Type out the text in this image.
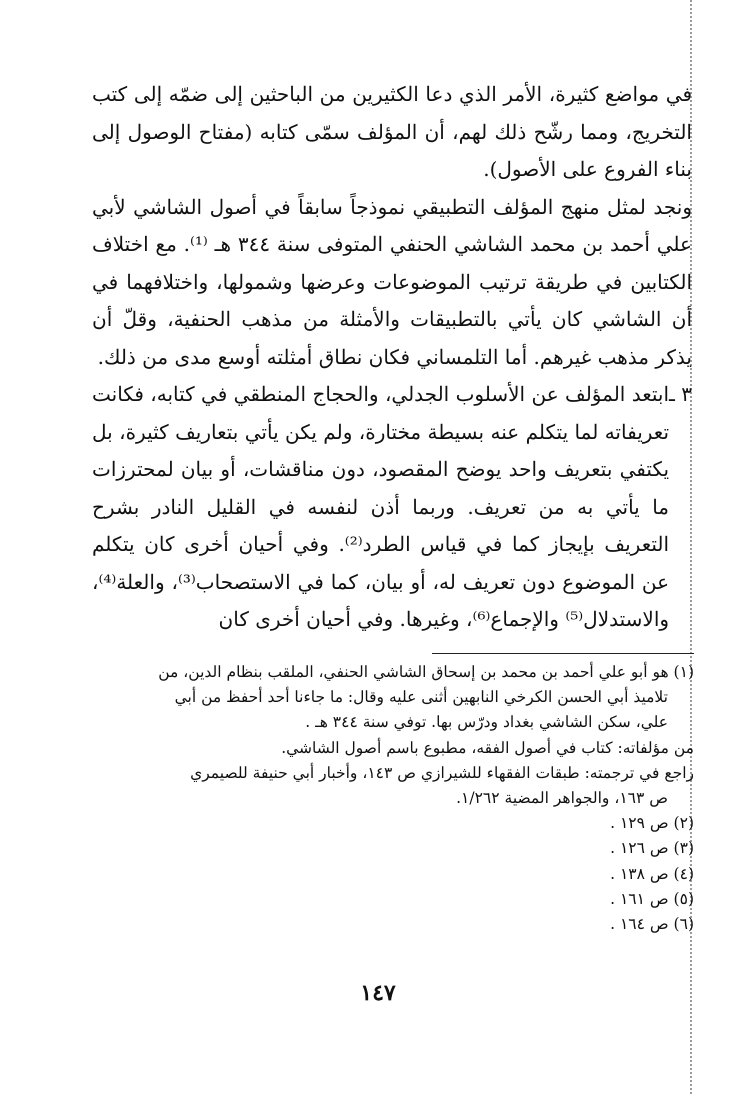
في مواضع كثيرة، الأمر الذي دعا الكثيرين من الباحثين إلى ضمّه إلى كتب التخريج، ومما رشّح ذلك لهم، أن المؤلف سمّى كتابه (مفتاح الوصول إلى بناء الفروع على الأصول).

ونجد لمثل منهج المؤلف التطبيقي نموذجاً سابقاً في أصول الشاشي لأبي علي أحمد بن محمد الشاشي الحنفي المتوفى سنة ٣٤٤ هـ ⁽¹⁾. مع اختلاف الكتابين في طريقة ترتيب الموضوعات وعرضها وشمولها، واختلافهما في أن الشاشي كان يأتي بالتطبيقات والأمثلة من مذهب الحنفية، وقلّ أن يذكر مذهب غيرهم. أما التلمساني فكان نطاق أمثلته أوسع مدى من ذلك.

٣ ـ
ابتعد المؤلف عن الأسلوب الجدلي، والحجاج المنطقي في كتابه، فكانت تعريفاته لما يتكلم عنه بسيطة مختارة، ولم يكن يأتي بتعاريف كثيرة، بل يكتفي بتعريف واحد يوضح المقصود، دون مناقشات، أو بيان لمحترزات ما يأتي به من تعريف. وربما أذن لنفسه في القليل النادر بشرح التعريف بإيجاز كما في قياس الطرد⁽²⁾. وفي أحيان أخرى كان يتكلم عن الموضوع دون تعريف له، أو بيان، كما في الاستصحاب⁽³⁾، والعلة⁽⁴⁾، والاستدلال⁽⁵⁾ والإجماع⁽⁶⁾، وغيرها. وفي أحيان أخرى كان

(١) هو أبو علي أحمد بن محمد بن إسحاق الشاشي الحنفي، الملقب بنظام الدين، من

تلاميذ أبي الحسن الكرخي النابهين أثنى عليه وقال: ما جاءنا أحد أحفظ من أبي

علي، سكن الشاشي بغداد ودرّس بها. توفي سنة ٣٤٤ هـ .

من مؤلفاته: كتاب في أصول الفقه، مطبوع باسم أصول الشاشي.

راجع في ترجمته: طبقات الفقهاء للشيرازي ص ١٤٣، وأخبار أبي حنيفة للصيمري

ص ١٦٣، والجواهر المضية ١/٢٦٢.

(٢) ص ١٢٩ .

(٣) ص ١٢٦ .

(٤) ص ١٣٨ .

(٥) ص ١٦١ .

(٦) ص ١٦٤ .

١٤٧
